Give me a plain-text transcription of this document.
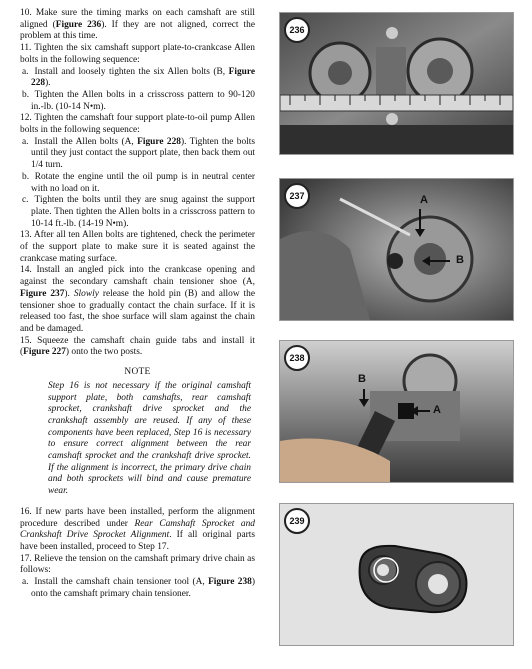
10. Make sure the timing marks on each camshaft are still aligned (Figure 236). If they are not aligned, correct the problem at this time.

11. Tighten the six camshaft support plate-to-crankcase Allen bolts in the following sequence:

a. Install and loosely tighten the six Allen bolts (B, Figure 228).

b. Tighten the Allen bolts in a crisscross pattern to 90-120 in.-lb. (10-14 N•m).

12. Tighten the camshaft four support plate-to-oil pump Allen bolts in the following sequence:

a. Install the Allen bolts (A, Figure 228). Tighten the bolts until they just contact the support plate, then back them out 1/4 turn.

b. Rotate the engine until the oil pump is in neutral center with no load on it.

c. Tighten the bolts until they are snug against the support plate. Then tighten the Allen bolts in a crisscross pattern to 10-14 ft.-lb. (14-19 N•m).

13. After all ten Allen bolts are tightened, check the perimeter of the support plate to make sure it is seated against the crankcase mating surface.

14. Install an angled pick into the crankcase opening and against the secondary camshaft chain tensioner shoe (A, Figure 237). Slowly release the hold pin (B) and allow the tensioner shoe to gradually contact the chain surface. If it is released too fast, the shoe surface will slam against the chain and be damaged.

15. Squeeze the camshaft chain guide tabs and install it (Figure 227) onto the two posts.

NOTE
Step 16 is not necessary if the original camshaft support plate, both camshafts, rear camshaft sprocket, crankshaft drive sprocket and the crankshaft assembly are reused. If any of these components have been replaced, Step 16 is necessary to ensure correct alignment between the rear camshaft sprocket and the crankshaft drive sprocket. If the alignment is incorrect, the primary drive chain and both sprockets will bind and cause premature wear.

16. If new parts have been installed, perform the alignment procedure described under Rear Camshaft Sprocket and Crankshaft Drive Sprocket Alignment. If all original parts have been installed, proceed to Step 17.

17. Relieve the tension on the camshaft primary drive chain as follows:

a. Install the camshaft chain tensioner tool (A, Figure 238) onto the camshaft primary chain tensioner.

236
237	A
B
238
B
A
239
